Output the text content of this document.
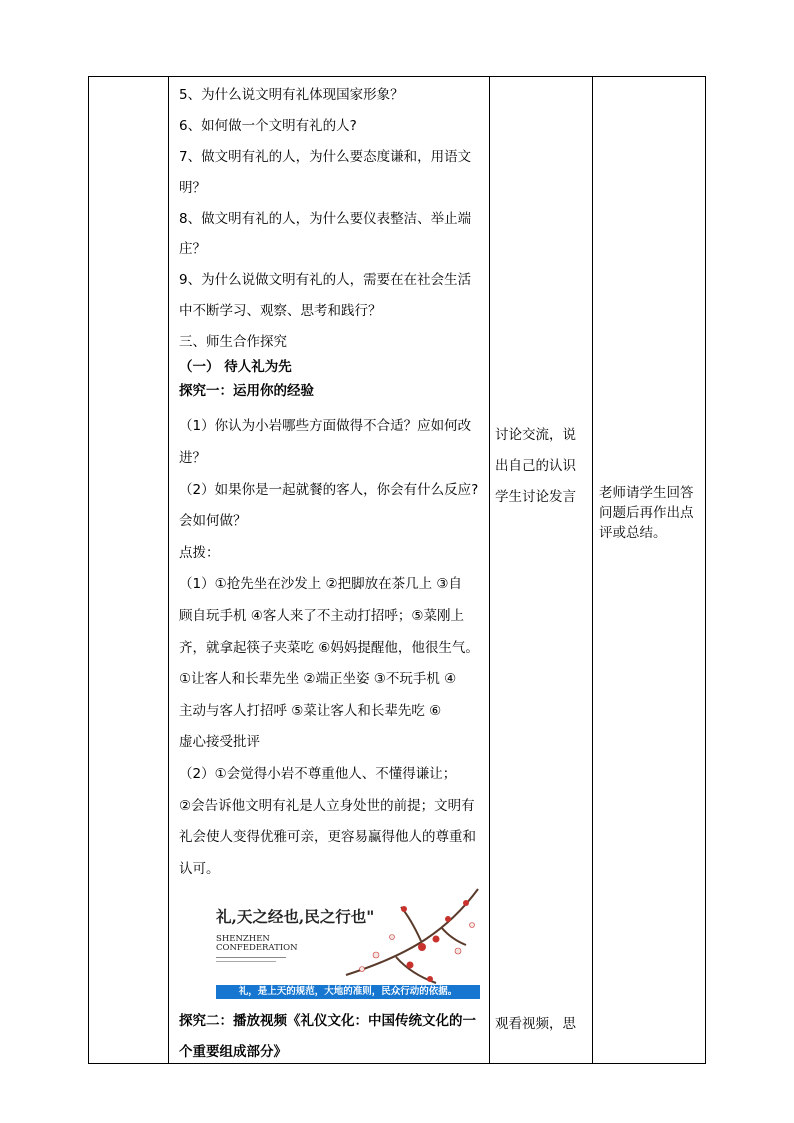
5、为什么说文明有礼体现国家形象？
6、如何做一个文明有礼的人?
7、做文明有礼的人，为什么要态度谦和，用语文
明？
8、做文明有礼的人，为什么要仪表整洁、举止端
庄？
9、为什么说做文明有礼的人，需要在在社会生活
中不断学习、观察、思考和践行？
三、师生合作探究
（一） 待人礼为先
探究一：运用你的经验
（1）你认为小岩哪些方面做得不合适？应如何改
进？
（2）如果你是一起就餐的客人，你会有什么反应?
会如何做？
点拨：
（1）①抢先坐在沙发上 ②把脚放在茶几上 ③自
顾自玩手机 ④客人来了不主动打招呼；⑤菜刚上
齐，就拿起筷子夹菜吃 ⑥妈妈提醒他，他很生气。
①让客人和长辈先坐 ②端正坐姿 ③不玩手机 ④
主动与客人打招呼 ⑤菜让客人和长辈先吃 ⑥
虚心接受批评
（2）①会觉得小岩不尊重他人、不懂得谦让；
②会告诉他文明有礼是人立身处世的前提；文明有
礼会使人变得优雅可亲，更容易赢得他人的尊重和
认可。
探究二：播放视频《礼仪文化：中国传统文化的一
个重要组成部分》
礼,天之经也,民之行也"
SHENZHEN
CONFEDERATION
礼，是上天的规范，大地的准则，民众行动的依据。
讨论交流，说
出自己的认识
学生讨论发言
观看视频，思
老师请学生回答
问题后再作出点
评或总结。
